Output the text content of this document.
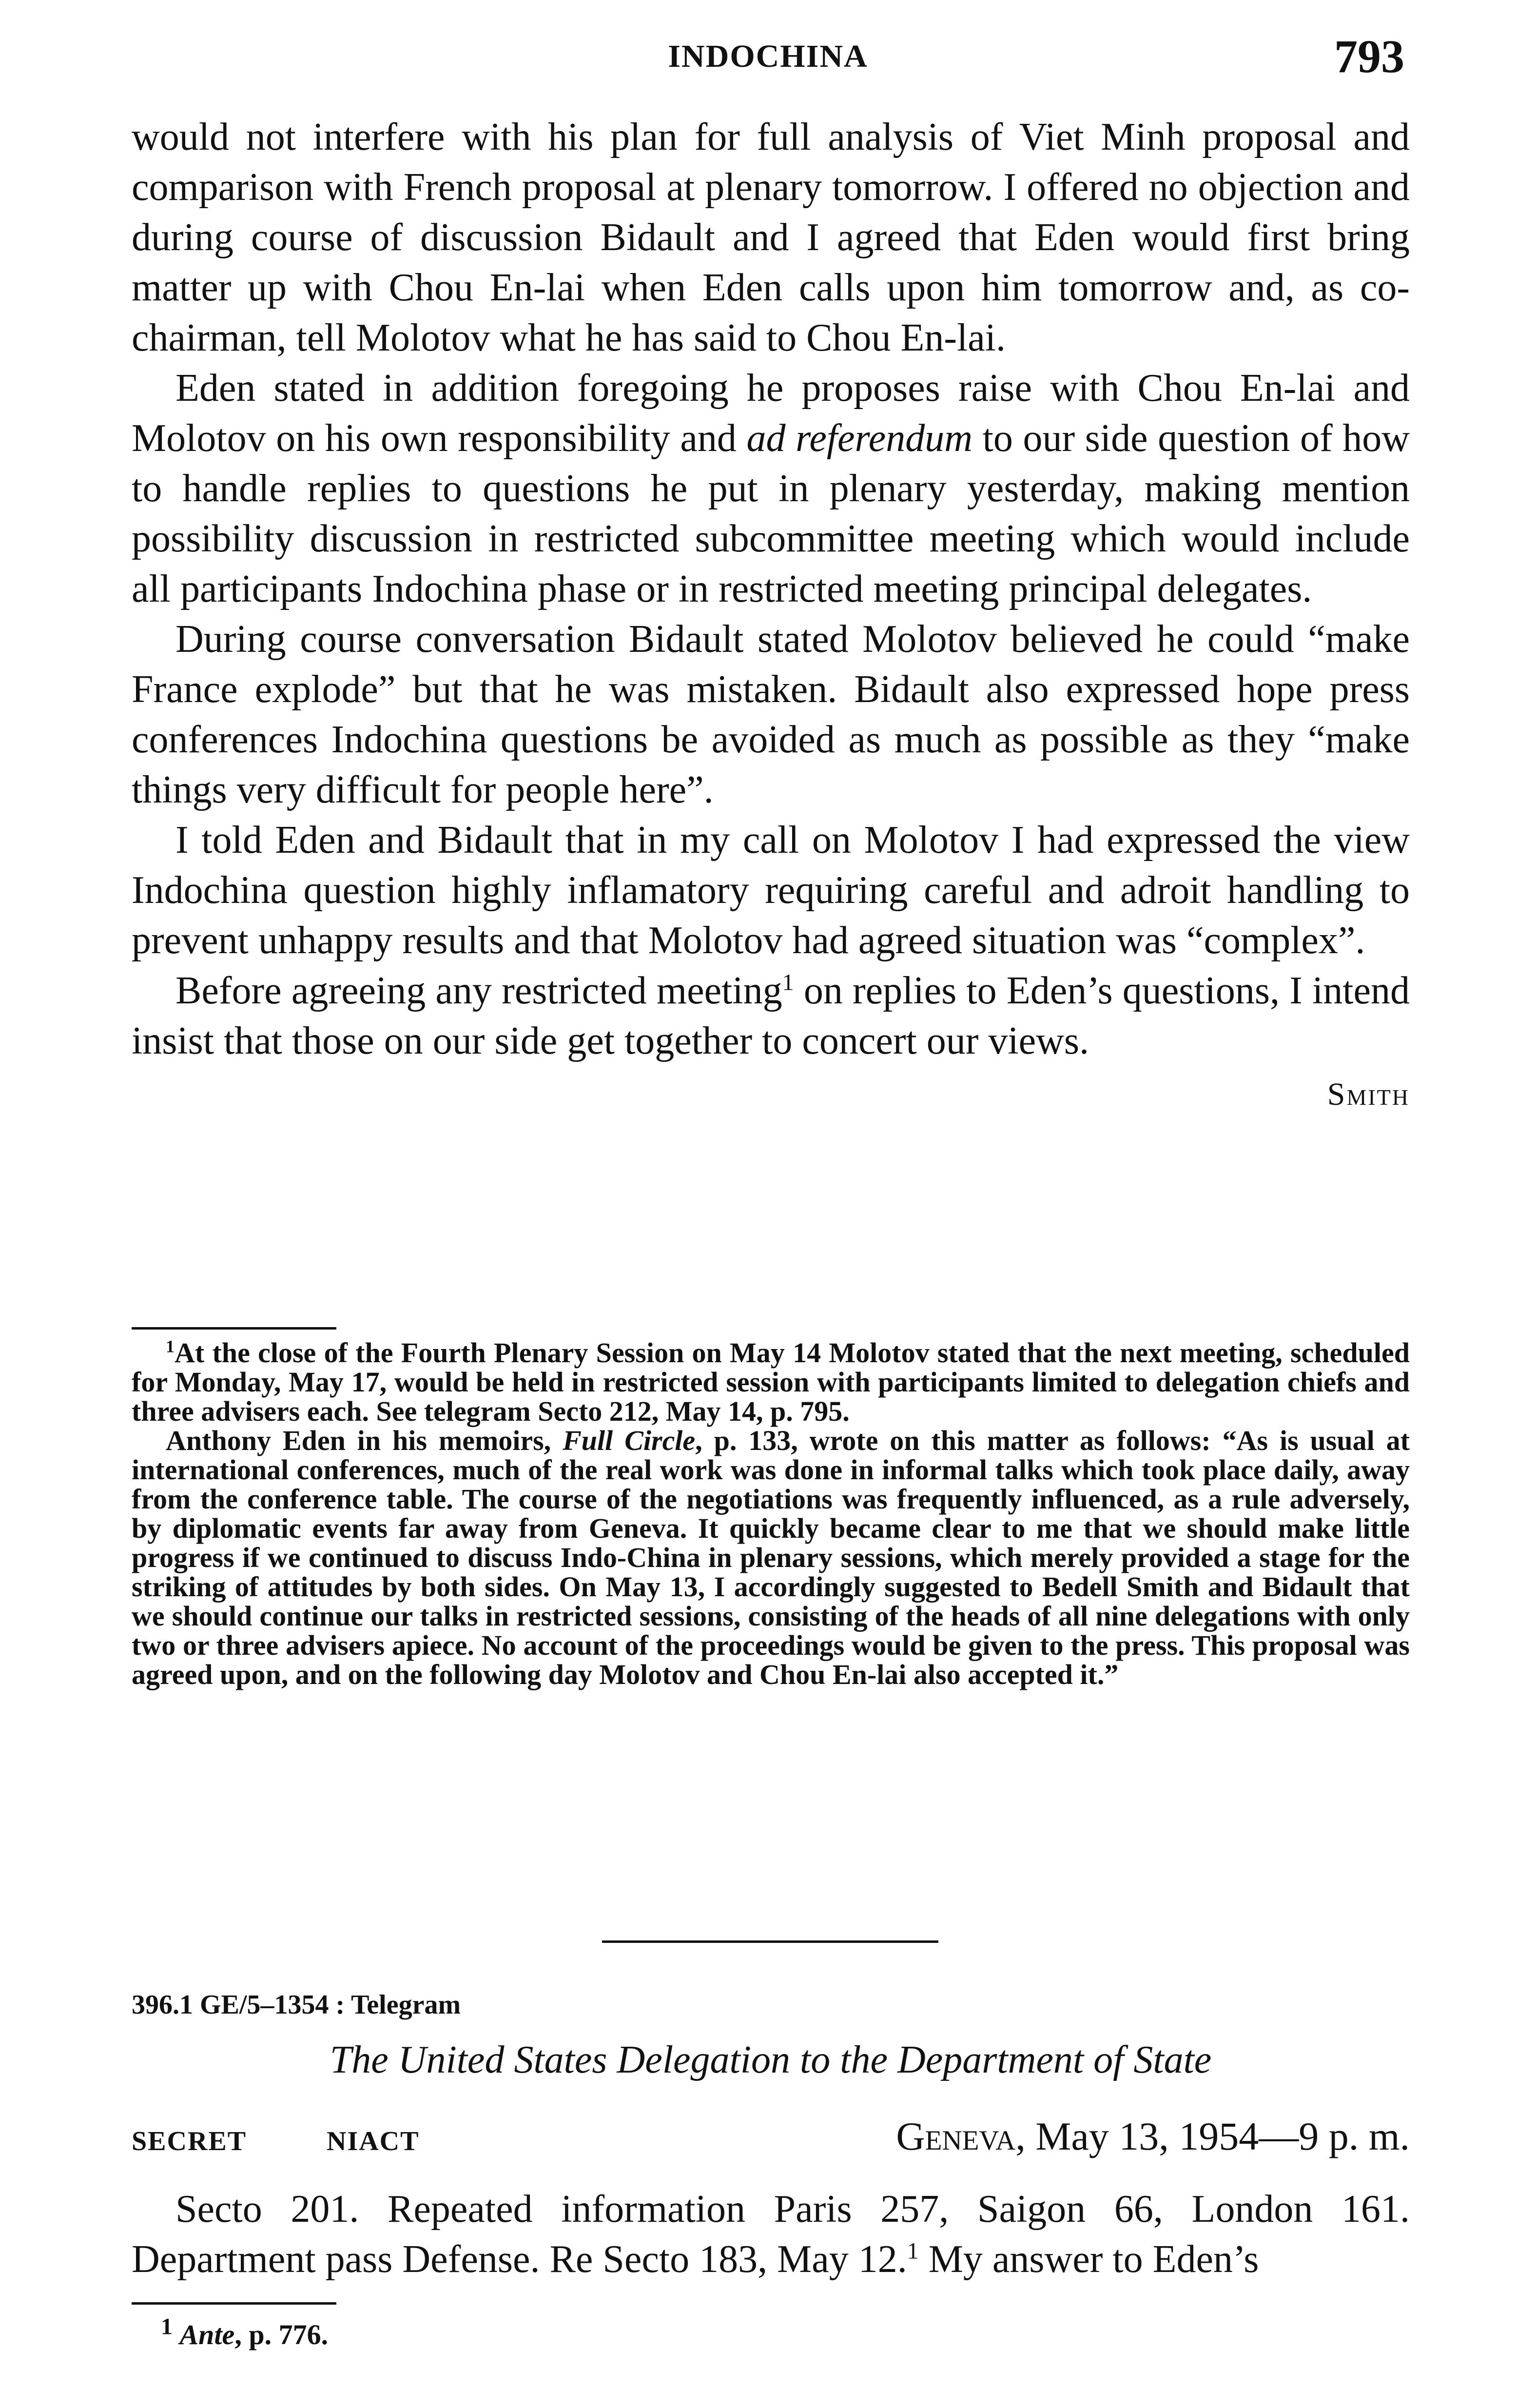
INDOCHINA	793

would not interfere with his plan for full analysis of Viet Minh proposal and comparison with French proposal at plenary tomorrow. I offered no objection and during course of discussion Bidault and I agreed that Eden would first bring matter up with Chou En-lai when Eden calls upon him tomorrow and, as co-chairman, tell Molotov what he has said to Chou En-lai.

Eden stated in addition foregoing he proposes raise with Chou En-lai and Molotov on his own responsibility and ad referendum to our side question of how to handle replies to questions he put in plenary yesterday, making mention possibility discussion in restricted subcommittee meeting which would include all participants Indochina phase or in restricted meeting principal delegates.

During course conversation Bidault stated Molotov believed he could “make France explode” but that he was mistaken. Bidault also expressed hope press conferences Indochina questions be avoided as much as possible as they “make things very difficult for people here”.

I told Eden and Bidault that in my call on Molotov I had expressed the view Indochina question highly inflamatory requiring careful and adroit handling to prevent unhappy results and that Molotov had agreed situation was “complex”.

Before agreeing any restricted meeting$^1$ on replies to Eden’s questions, I intend insist that those on our side get together to concert our views.

Smith

$^1$At the close of the Fourth Plenary Session on May 14 Molotov stated that the next meeting, scheduled for Monday, May 17, would be held in restricted session with participants limited to delegation chiefs and three advisers each. See telegram Secto 212, May 14, p. 795.

Anthony Eden in his memoirs, Full Circle, p. 133, wrote on this matter as follows: “As is usual at international conferences, much of the real work was done in informal talks which took place daily, away from the conference table. The course of the negotiations was frequently influenced, as a rule adversely, by diplomatic events far away from Geneva. It quickly became clear to me that we should make little progress if we continued to discuss Indo-China in plenary sessions, which merely provided a stage for the striking of attitudes by both sides. On May 13, I accordingly suggested to Bedell Smith and Bidault that we should continue our talks in restricted sessions, consisting of the heads of all nine delegations with only two or three advisers apiece. No account of the proceedings would be given to the press. This proposal was agreed upon, and on the following day Molotov and Chou En-lai also accepted it.”

396.1 GE/5–1354 : Telegram
The United States Delegation to the Department of State
SECRET	NIACT	Geneva, May 13, 1954—9 p. m.

Secto 201. Repeated information Paris 257, Saigon 66, London 161. Department pass Defense. Re Secto 183, May 12.$^1$ My answer to Eden’s

$^1$ Ante, p. 776.
